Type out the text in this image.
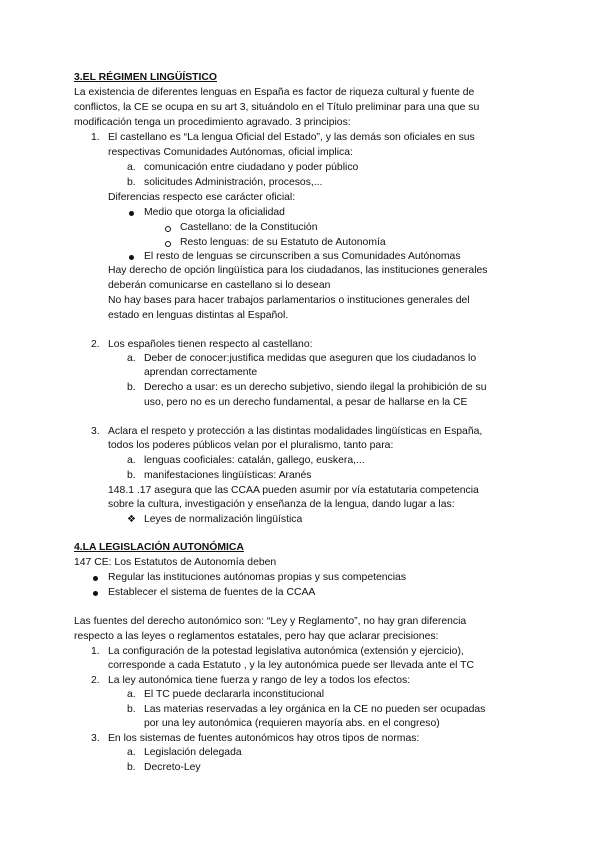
3.EL RÉGIMEN LINGÜÍSTICO
La existencia de diferentes lenguas en España es factor de riqueza cultural y fuente de
conflictos, la CE se ocupa en su art 3, situándolo en el Título preliminar para una que su
modificación tenga un procedimiento agravado. 3 principios:
1. El castellano es “La lengua Oficial del Estado”, y las demás son oficiales en sus
respectivas Comunidades Autónomas, oficial implica:
a. comunicación entre ciudadano y poder público
b. solicitudes Administración, procesos,...
Diferencias respecto ese carácter oficial:
Medio que otorga la oficialidad
Castellano: de la Constitución
Resto lenguas: de su Estatuto de Autonomía
El resto de lenguas se circunscriben a sus Comunidades Autónomas
Hay derecho de opción lingüística para los ciudadanos, las instituciones generales
deberán comunicarse en castellano si lo desean
No hay bases para hacer trabajos parlamentarios o instituciones generales del
estado en lenguas distintas al Español.
2. Los españoles tienen respecto al castellano:
a. Deber de conocer:justifica medidas que aseguren que los ciudadanos lo
aprendan correctamente
b. Derecho a usar: es un derecho subjetivo, siendo ilegal la prohibición de su
uso, pero no es un derecho fundamental, a pesar de hallarse en la CE
3. Aclara el respeto y protección a las distintas modalidades lingüísticas en España,
todos los poderes públicos velan por el pluralismo, tanto para:
a. lenguas cooficiales: catalán, gallego, euskera,...
b. manifestaciones lingüísticas: Aranés
148.1 .17 asegura que las CCAA pueden asumir por vía estatutaria competencia
sobre la cultura, investigación y enseñanza de la lengua, dando lugar a las:
❖ Leyes de normalización lingüística
4.LA LEGISLACIÓN AUTONÓMICA
147 CE: Los Estatutos de Autonomía deben
Regular las instituciones autónomas propias y sus competencias
Establecer el sistema de fuentes de la CCAA
Las fuentes del derecho autonómico son: “Ley y Reglamento”, no hay gran diferencia
respecto a las leyes o reglamentos estatales, pero hay que aclarar precisiones:
1. La configuración de la potestad legislativa autonómica (extensión y ejercicio),
corresponde a cada Estatuto , y la ley autonómica puede ser llevada ante el TC
2. La ley autonómica tiene fuerza y rango de ley a todos los efectos:
a. El TC puede declararla inconstitucional
b. Las materias reservadas a ley orgánica en la CE no pueden ser ocupadas
por una ley autonómica (requieren mayoría abs. en el congreso)
3. En los sistemas de fuentes autonómicos hay otros tipos de normas:
a. Legislación delegada
b. Decreto-Ley
